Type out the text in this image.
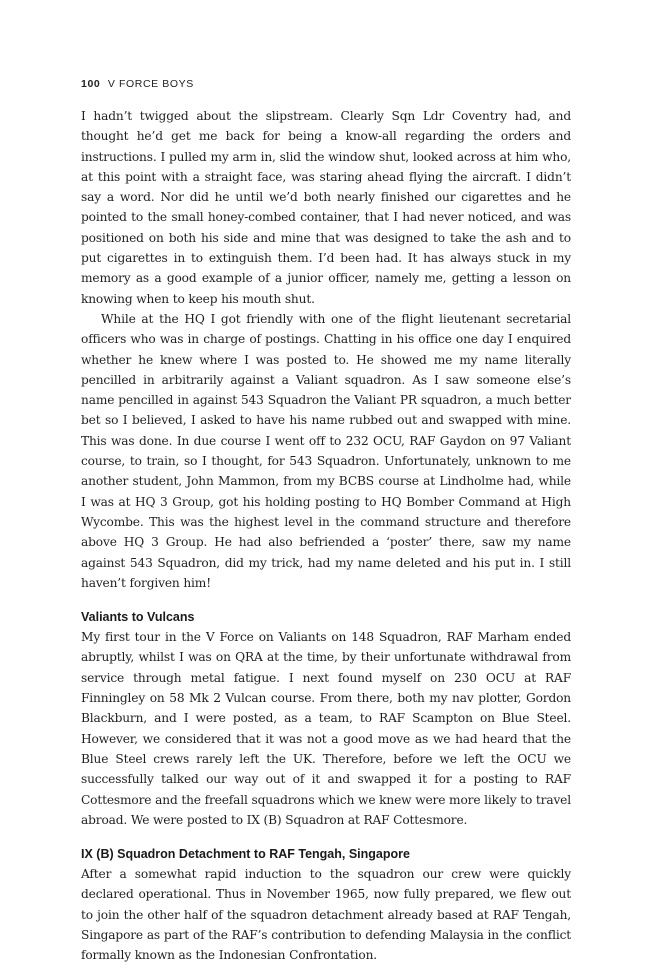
100 V FORCE BOYS

I hadn’t twigged about the slipstream. Clearly Sqn Ldr Coventry had, and thought he’d get me back for being a know-all regarding the orders and instructions. I pulled my arm in, slid the window shut, looked across at him who, at this point with a straight face, was staring ahead flying the aircraft. I didn’t say a word. Nor did he until we’d both nearly finished our cigarettes and he pointed to the small honey-combed container, that I had never noticed, and was positioned on both his side and mine that was designed to take the ash and to put cigarettes in to extinguish them. I’d been had. It has always stuck in my memory as a good example of a junior officer, namely me, getting a lesson on knowing when to keep his mouth shut.

While at the HQ I got friendly with one of the flight lieutenant secretarial officers who was in charge of postings. Chatting in his office one day I enquired whether he knew where I was posted to. He showed me my name literally pencilled in arbitrarily against a Valiant squadron. As I saw someone else’s name pencilled in against 543 Squadron the Valiant PR squadron, a much better bet so I believed, I asked to have his name rubbed out and swapped with mine. This was done. In due course I went off to 232 OCU, RAF Gaydon on 97 Valiant course, to train, so I thought, for 543 Squadron. Unfortunately, unknown to me another student, John Mammon, from my BCBS course at Lindholme had, while I was at HQ 3 Group, got his holding posting to HQ Bomber Command at High Wycombe. This was the highest level in the command structure and therefore above HQ 3 Group. He had also befriended a ‘poster’ there, saw my name against 543 Squadron, did my trick, had my name deleted and his put in. I still haven’t forgiven him!

Valiants to Vulcans

My first tour in the V Force on Valiants on 148 Squadron, RAF Marham ended abruptly, whilst I was on QRA at the time, by their unfortunate withdrawal from service through metal fatigue. I next found myself on 230 OCU at RAF Finningley on 58 Mk 2 Vulcan course. From there, both my nav plotter, Gordon Blackburn, and I were posted, as a team, to RAF Scampton on Blue Steel. However, we considered that it was not a good move as we had heard that the Blue Steel crews rarely left the UK. Therefore, before we left the OCU we successfully talked our way out of it and swapped it for a posting to RAF Cottesmore and the freefall squadrons which we knew were more likely to travel abroad. We were posted to IX (B) Squadron at RAF Cottesmore.

IX (B) Squadron Detachment to RAF Tengah, Singapore

After a somewhat rapid induction to the squadron our crew were quickly declared operational. Thus in November 1965, now fully prepared, we flew out to join the other half of the squadron detachment already based at RAF Tengah, Singapore as part of the RAF’s contribution to defending Malaysia in the conflict formally known as the Indonesian Confrontation.
